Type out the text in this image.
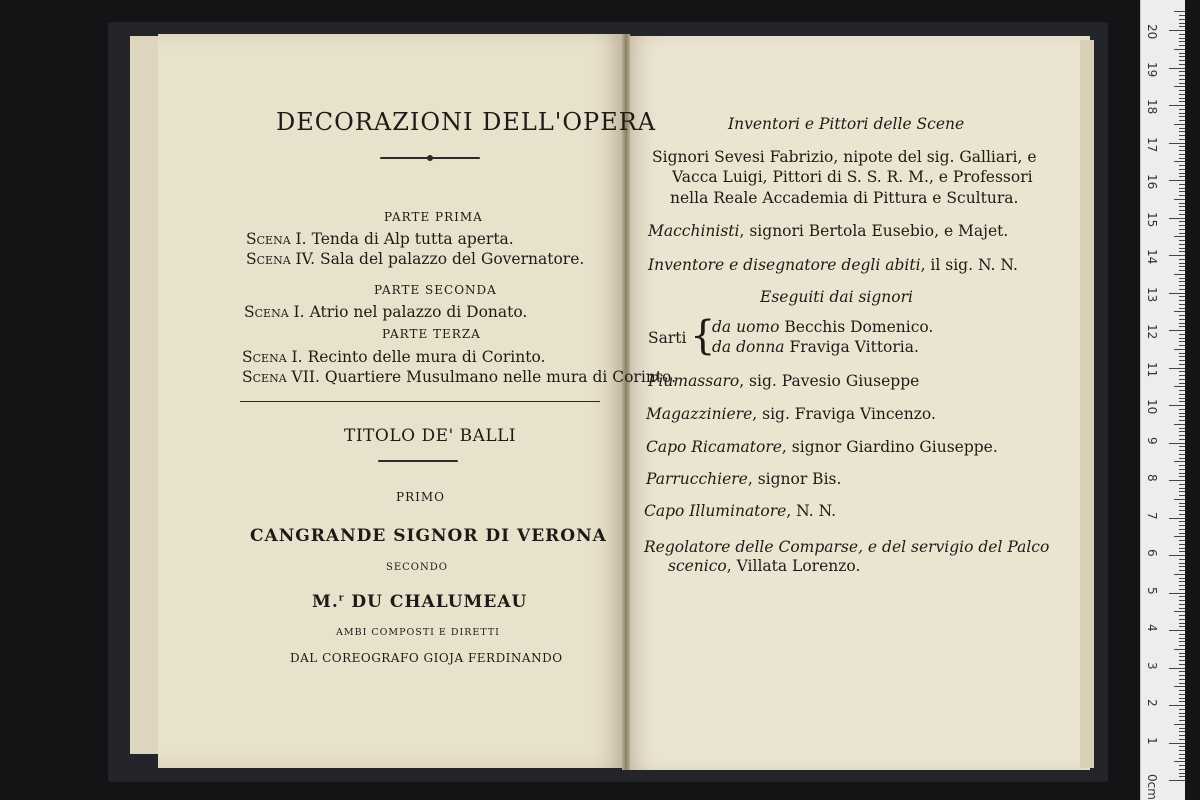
DECORAZIONI DELL'OPERA
PARTE PRIMA
Scena I. Tenda di Alp tutta aperta.
Scena IV. Sala del palazzo del Governatore.
PARTE SECONDA
Scena I. Atrio nel palazzo di Donato.
PARTE TERZA
Scena I. Recinto delle mura di Corinto.
Scena VII. Quartiere Musulmano nelle mura di Corinto.
TITOLO DE' BALLI
PRIMO
CANGRANDE SIGNOR DI VERONA
SECONDO
M.$^r$ DU CHALUMEAU
AMBI COMPOSTI E DIRETTI
DAL COREOGRAFO GIOJA FERDINANDO
Inventori e Pittori delle Scene
Signori Sevesi Fabrizio, nipote del sig. Galliari, e
Vacca Luigi, Pittori di S. S. R. M., e Professori
nella Reale Accademia di Pittura e Scultura.
Macchinisti, signori Bertola Eusebio, e Majet.
Inventore e disegnatore degli abiti, il sig. N. N.
Eseguiti dai signori
Sarti {
da uomo Becchis Domenico.
da donna Fraviga Vittoria.
Piumassaro, sig. Pavesio Giuseppe
Magazziniere, sig. Fraviga Vincenzo.
Capo Ricamatore, signor Giardino Giuseppe.
Parrucchiere, signor Bis.
Capo Illuminatore, N. N.
Regolatore delle Comparse, e del servigio del Palco
scenico, Villata Lorenzo.
0cm
1
2
3
4
5
6
7
8
9
10
11
12
13
14
15
16
17
18
19
20
